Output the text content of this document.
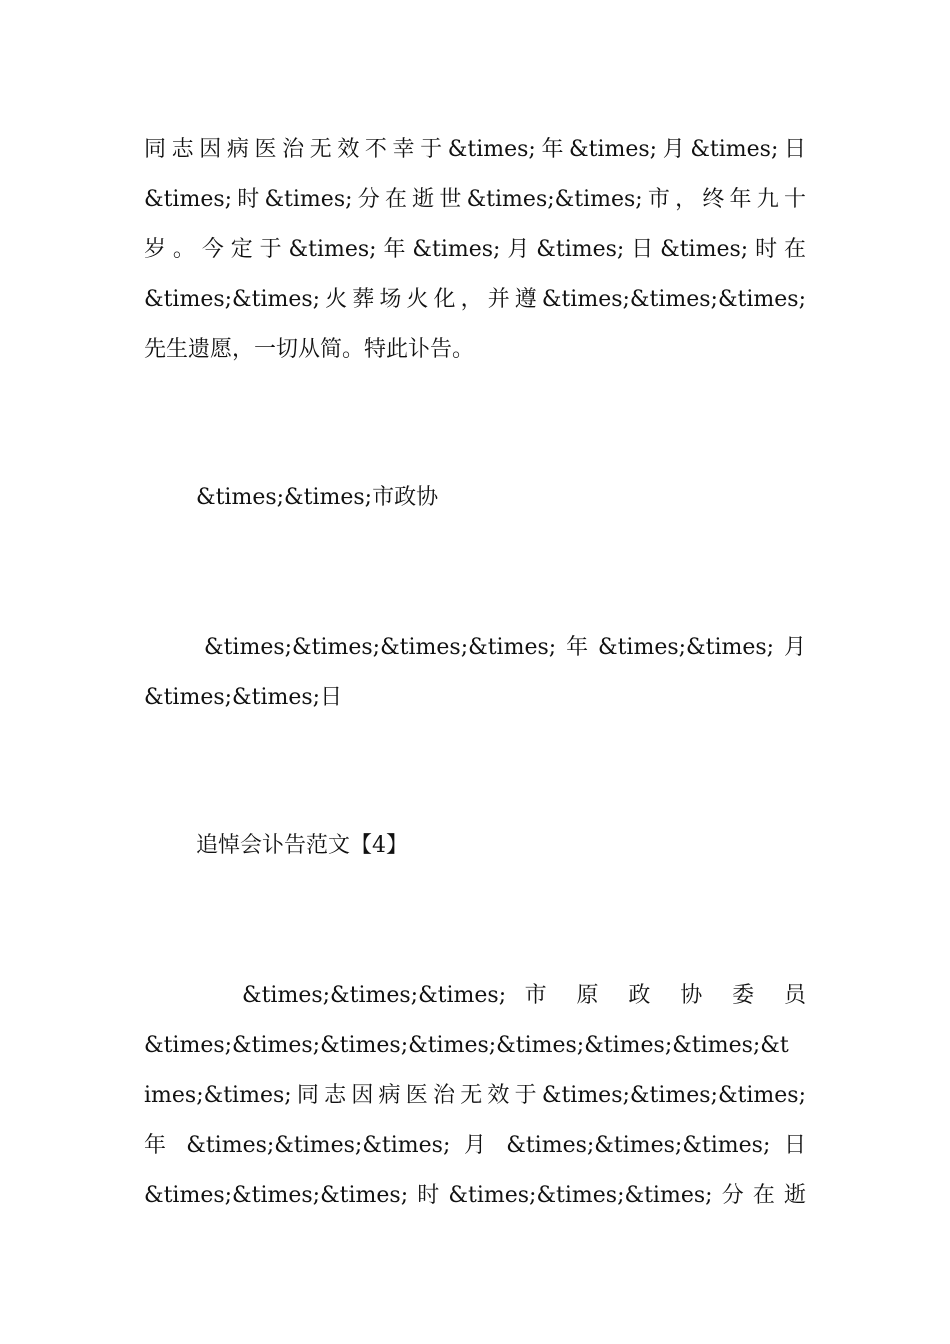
同志因病医治无效不幸于&times;年&times;月&times;日
&times;时&times;分在逝世&times;&times;市，终年九十
岁。今定于&times;年&times;月&times;日&times;时在
&times;&times;火葬场火化，并遵&times;&times;&times;
先生遗愿，一切从简。特此讣告。
&times;&times;市政协
&times;&times;&times;&times;年&times;&times;月
&times;&times;日
追悼会讣告范文【4】
&times;&times;&times; 市 原 政 协 委 员
&times;&times;&times;&times;&times;&times;&times;&t
imes;&times;同志因病医治无效于&times;&times;&times;
年 &times;&times;&times; 月 &times;&times;&times; 日
&times;&times;&times;时&times;&times;&times;分在逝
